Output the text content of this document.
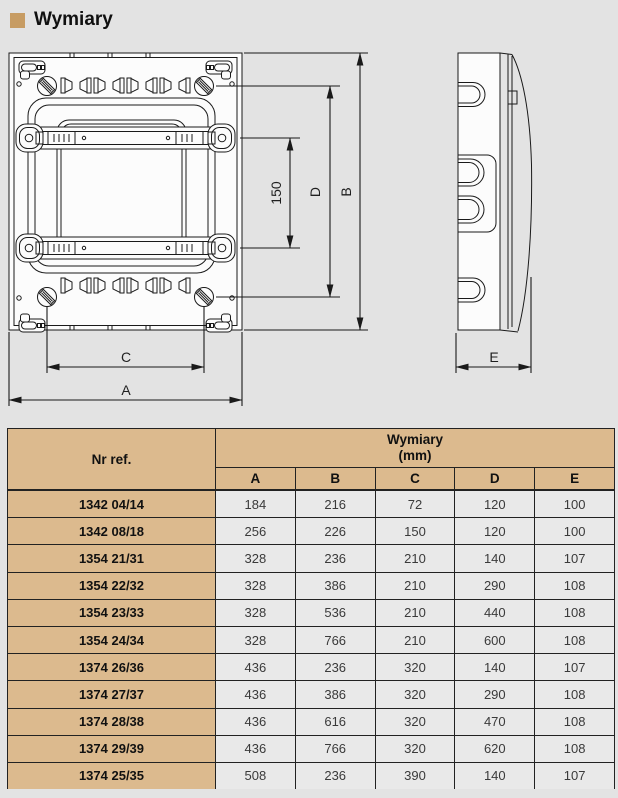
Wymiary
150 D B
C
A
E
Nr ref.	Wymiary
(mm)				

	A	B	C	D	E
1342 04/14	184	216	72	120	100
1342 08/18	256	226	150	120	100
1354 21/31	328	236	210	140	107
1354 22/32	328	386	210	290	108
1354 23/33	328	536	210	440	108
1354 24/34	328	766	210	600	108
1374 26/36	436	236	320	140	107
1374 27/37	436	386	320	290	108
1374 28/38	436	616	320	470	108
1374 29/39	436	766	320	620	108
1374 25/35	508	236	390	140	107
